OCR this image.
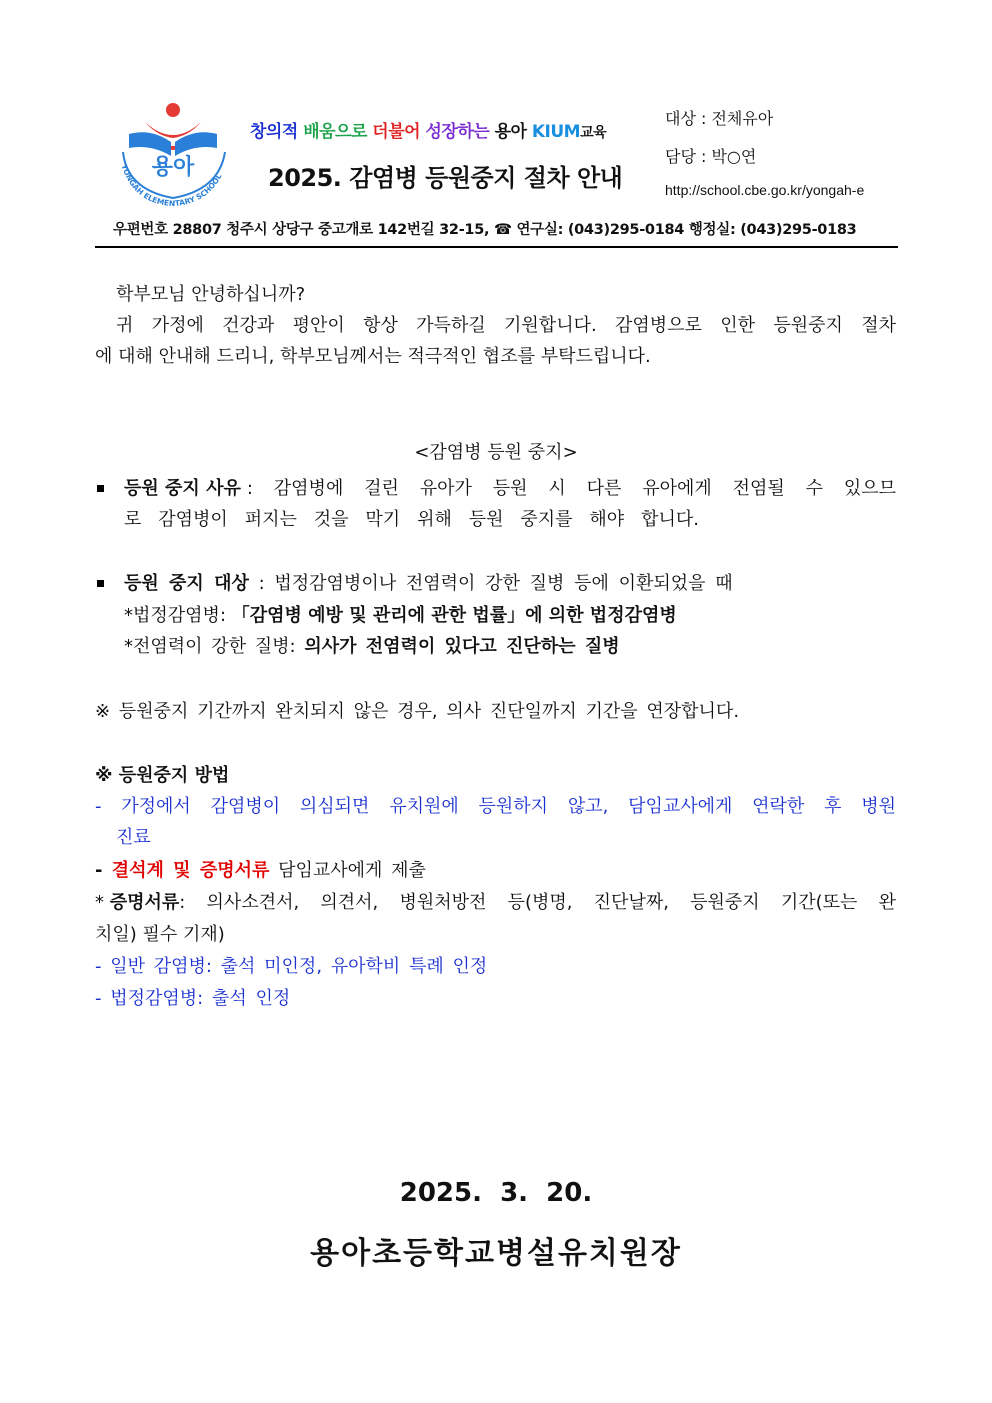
용아
YONGAH ELEMENTARY SCHOOL
창의적 배움으로 더불어 성장하는 용아 KIUM교육
2025. 감염병 등원중지 절차 안내
대상 : 전체유아
담당 : 박○연
http://school.cbe.go.kr/yongah-e
우편번호 28807 청주시 상당구 중고개로 142번길 32-15, ☎ 연구실: (043)295-0184 행정실: (043)295-0183
학부모님 안녕하십니까?
귀 가정에 건강과 평안이 항상 가득하길 기원합니다. 감염병으로 인한 등원중지 절차
에 대해 안내해 드리니, 학부모님께서는 적극적인 협조를 부탁드립니다.
<감염병 등원 중지>
등원 중지 사유 : 감염병에 걸린 유아가 등원 시 다른 유아에게 전염될 수 있으므
로 감염병이 퍼지는 것을 막기 위해 등원 중지를 해야 합니다.
등원 중지 대상 : 법정감염병이나 전염력이 강한 질병 등에 이환되었을 때
*법정감염병: 「감염병 예방 및 관리에 관한 법률」에 의한 법정감염병
*전염력이 강한 질병: 의사가 전염력이 있다고 진단하는 질병
※ 등원중지 기간까지 완치되지 않은 경우, 의사 진단일까지 기간을 연장합니다.
※ 등원중지 방법
- 가정에서 감염병이 의심되면 유치원에 등원하지 않고, 담임교사에게 연락한 후 병원
진료
- 결석계 및 증명서류 담임교사에게 제출
* 증명서류 : 의사소견서, 의견서, 병원처방전 등(병명, 진단날짜, 등원중지 기간(또는 완
치일) 필수 기재)
- 일반 감염병: 출석 미인정, 유아학비 특례 인정
- 법정감염병: 출석 인정
2025.  3.  20.
용아초등학교병설유치원장
